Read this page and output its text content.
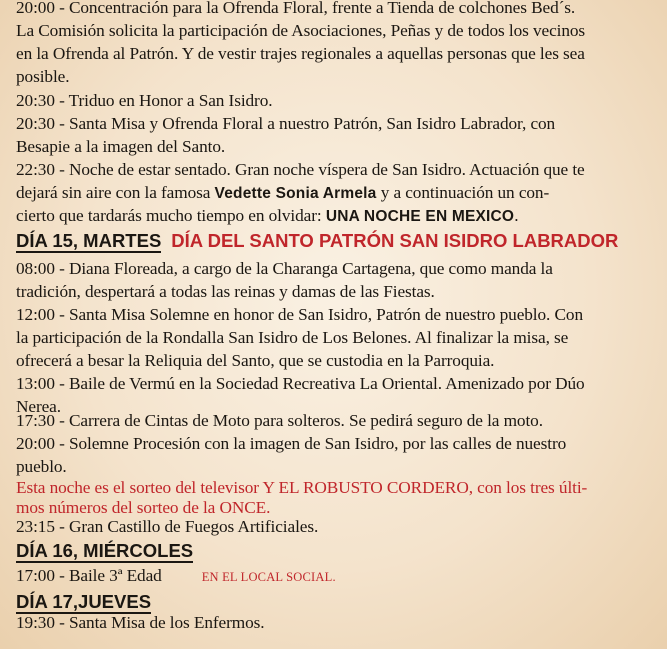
20:00 - Concentración para la Ofrenda Floral, frente a Tienda de colchones Bed´s.
La Comisión solicita la participación de Asociaciones, Peñas y de todos los vecinos
en la Ofrenda al Patrón. Y de vestir trajes regionales a aquellas personas que les sea
posible.
20:30 - Triduo en Honor a San Isidro.
20:30 - Santa Misa y Ofrenda Floral a nuestro Patrón, San Isidro Labrador, con
Besapie a la imagen del Santo.
22:30 - Noche de estar sentado. Gran noche víspera de San Isidro. Actuación que te
dejará sin aire con la famosa Vedette Sonia Armela y a continuación un con-
cierto que tardarás mucho tiempo en olvidar: UNA NOCHE EN MEXICO.
DÍA 15, MARTES DÍA DEL SANTO PATRÓN SAN ISIDRO LABRADOR
08:00 - Diana Floreada, a cargo de la Charanga Cartagena, que como manda la
tradición, despertará a todas las reinas y damas de las Fiestas.
12:00 - Santa Misa Solemne en honor de San Isidro, Patrón de nuestro pueblo. Con
la participación de la Rondalla San Isidro de Los Belones. Al finalizar la misa, se
ofrecerá a besar la Reliquia del Santo, que se custodia en la Parroquia.
13:00 - Baile de Vermú en la Sociedad Recreativa La Oriental. Amenizado por Dúo
Nerea.
17:30 - Carrera de Cintas de Moto para solteros. Se pedirá seguro de la moto.
20:00 - Solemne Procesión con la imagen de San Isidro, por las calles de nuestro
pueblo.
Esta noche es el sorteo del televisor Y EL ROBUSTO CORDERO, con los tres últi-
mos números del sorteo de la ONCE.
23:15 - Gran Castillo de Fuegos Artificiales.
DÍA 16, MIÉRCOLES
17:00 - Baile 3ª Edad	EN EL LOCAL SOCIAL.
DÍA 17,JUEVES
19:30 - Santa Misa de los Enfermos.
